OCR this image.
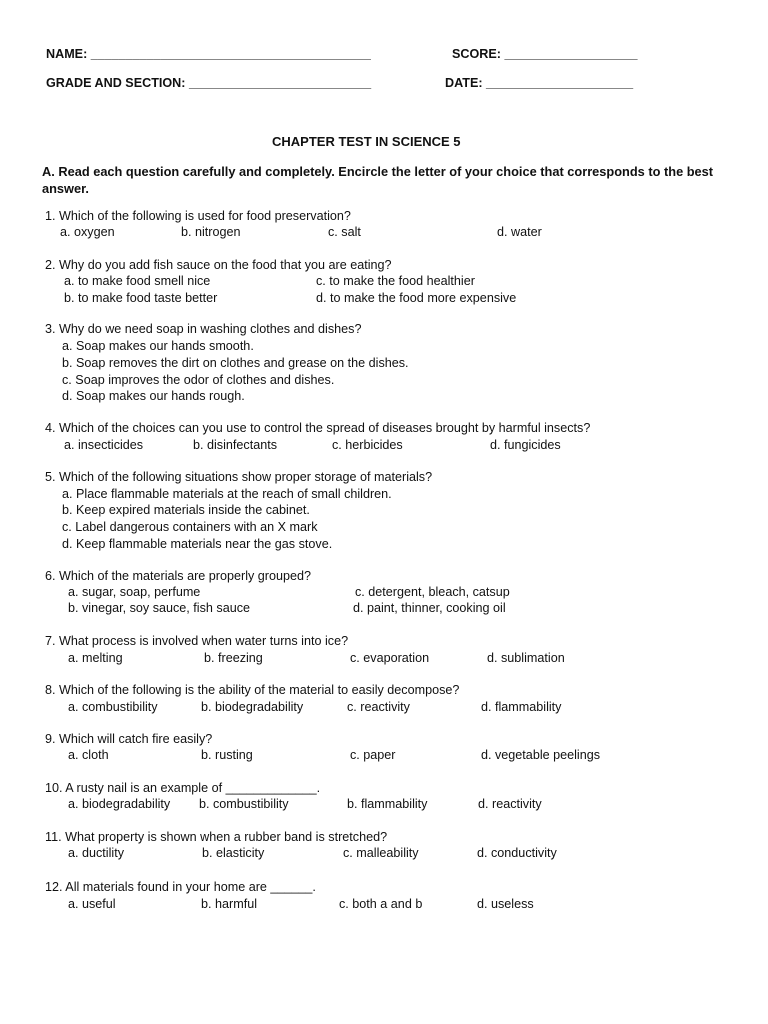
NAME: ________________________________________	SCORE: ___________________
GRADE AND SECTION: __________________________	DATE: _____________________
CHAPTER TEST IN SCIENCE 5
A. Read each question carefully and completely. Encircle the letter of your choice that corresponds to the best answer.
1. Which of the following is used for food preservation?
a. oxygen	b. nitrogen	c. salt	d. water
2. Why do you add fish sauce on the food that you are eating?
a. to make food smell nice
b. to make food taste better
c. to make the food healthier
d. to make the food more expensive
3. Why do we need soap in washing clothes and dishes?
a. Soap makes our hands smooth.
b. Soap removes the dirt on clothes and grease on the dishes.
c. Soap improves the odor of clothes and dishes.
d. Soap makes our hands rough.
4. Which of the choices can you use to control the spread of diseases brought by harmful insects?
a. insecticides	b. disinfectants	c. herbicides	d. fungicides
5. Which of the following situations show proper storage of materials?
a. Place flammable materials at the reach of small children.
b. Keep expired materials inside the cabinet.
c. Label dangerous containers with an X mark
d. Keep flammable materials near the gas stove.
6. Which of the materials are properly grouped?
a. sugar, soap, perfume
b. vinegar, soy sauce, fish sauce
c. detergent, bleach, catsup
d. paint, thinner, cooking oil
7. What process is involved when water turns into ice?
a. melting	b. freezing	c. evaporation	d. sublimation
8. Which of the following is the ability of the material to easily decompose?
a. combustibility	b. biodegradability	c. reactivity	d. flammability
9. Which will catch fire easily?
a. cloth	b. rusting	c. paper	d. vegetable peelings
10. A rusty nail is an example of _____________.
a. biodegradability b. combustibility	b. flammability	d. reactivity
11. What property is shown when a rubber band is stretched?
a. ductility	b. elasticity	c. malleability	d. conductivity
12. All materials found in your home are ______.
a. useful	b. harmful	c. both a and b	d. useless
